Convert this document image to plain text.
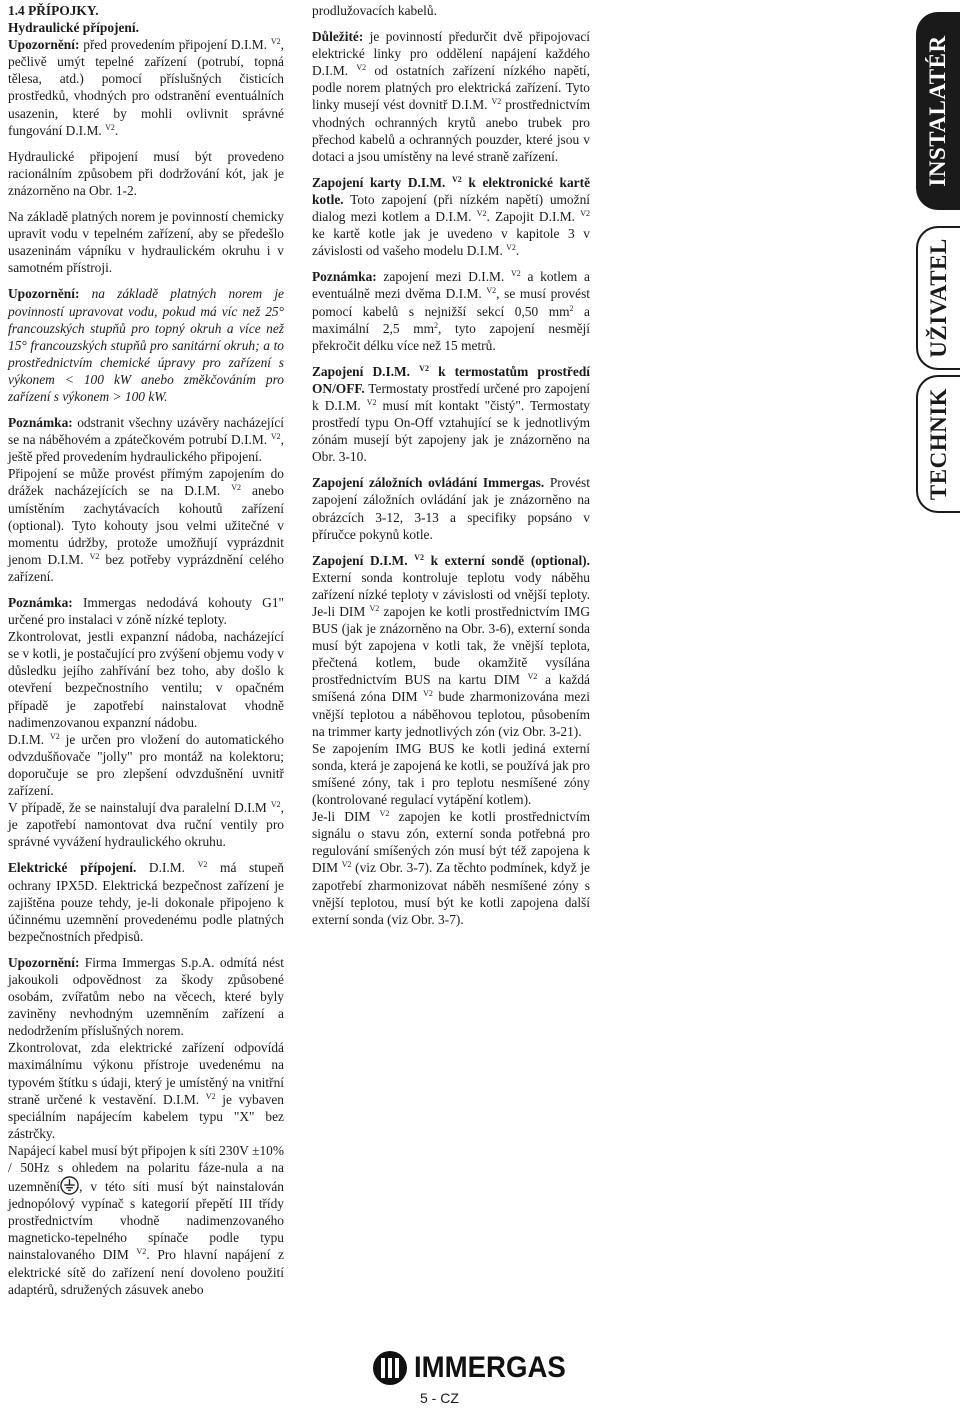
1.4 PŘÍPOJKY.

Hydraulické přípojení.

Upozornění: před provedením připojení D.I.M. $^{V2}$, pečlivě umýt tepelné zařízení (potrubí, topná tělesa, atd.) pomocí příslušných čisticích prostředků, vhodných pro odstranění eventuálních usazenin, které by mohli ovlivnit správné fungování D.I.M. $^{V2}$.

Hydraulické připojení musí být provedeno racionálním způsobem při dodržování kót, jak je znázorněno na Obr. 1-2.

Na základě platných norem je povinností chemicky upravit vodu v tepelném zařízení, aby se předešlo usazeninám vápníku v hydraulickém okruhu i v samotném přístroji.

Upozornění: na základě platných norem je povinností upravovat vodu, pokud má víc než 25° francouzských stupňů pro topný okruh a více než 15° francouzských stupňů pro sanitární okruh; a to prostřednictvím chemické úpravy pro zařízení s výkonem < 100 kW anebo změkčováním pro zařízení s výkonem > 100 kW.

Poznámka: odstranit všechny uzávěry nacházející se na náběhovém a zpátečkovém potrubí D.I.M. $^{V2}$, ještě před provedením hydraulického připojení.

Připojení se může provést přímým zapojením do drážek nacházejících se na D.I.M. $^{V2}$ anebo umístěním zachytávacích kohoutů zařízení (optional). Tyto kohouty jsou velmi užitečné v momentu údržby, protože umožňují vyprázdnit jenom D.I.M. $^{V2}$ bez potřeby vyprázdnění celého zařízení.

Poznámka: Immergas nedodává kohouty G1" určené pro instalaci v zóně nízké teploty.

Zkontrolovat, jestli expanzní nádoba, nacházející se v kotli, je postačující pro zvýšení objemu vody v důsledku jejího zahřívání bez toho, aby došlo k otevření bezpečnostního ventilu; v opačném případě je zapotřebí nainstalovat vhodně nadimenzovanou expanzní nádobu.

D.I.M. $^{V2}$ je určen pro vložení do automatického odvzdušňovače "jolly" pro montáž na kolektoru; doporučuje se pro zlepšení odvzdušnění uvnitř zařízení.

V případě, že se nainstalují dva paralelní D.I.M $^{V2}$, je zapotřebí namontovat dva ruční ventily pro správné vyvážení hydraulického okruhu.

Elektrické přípojení. D.I.M. $^{V2}$ má stupeň ochrany IPX5D. Elektrická bezpečnost zařízení je zajištěna pouze tehdy, je-li dokonale připojeno k účinnému uzemnění provedenému podle platných bezpečnostních předpisů.

Upozornění: Firma Immergas S.p.A. odmítá nést jakoukoli odpovědnost za škody způsobené osobám, zvířatům nebo na věcech, které byly zaviněny nevhodným uzemněním zařízení a nedodržením příslušných norem.

Zkontrolovat, zda elektrické zařízení odpovídá maximálnímu výkonu přístroje uvedenému na typovém štítku s údaji, který je umístěný na vnitřní straně určené k vestavění. D.I.M. $^{V2}$ je vybaven speciálním napájecím kabelem typu "X" bez zástrčky.

Napájecí kabel musí být připojen k síti 230V ±10% / 50Hz s ohledem na polaritu fáze-nula a na uzemnění , v této síti musí být nainstalován jednopólový vypínač s kategorií přepětí III třídy prostřednictvím vhodně nadimenzovaného magneticko-tepelného spínače podle typu nainstalovaného DIM $^{V2}$. Pro hlavní napájení z elektrické sítě do zařízení není dovoleno použití adaptérů, sdružených zásuvek anebo

prodlužovacích kabelů.

Důležité: je povinností předurčit dvě připojovací elektrické linky pro oddělení napájení každého D.I.M. $^{V2}$ od ostatních zařízení nízkého napětí, podle norem platných pro elektrická zařízení. Tyto linky musejí vést dovnitř D.I.M. $^{V2}$ prostřednictvím vhodných ochranných krytů anebo trubek pro přechod kabelů a ochranných pouzder, které jsou v dotaci a jsou umístěny na levé straně zařízení.

Zapojení karty D.I.M. $^{V2}$ k elektronické kartě kotle. Toto zapojení (při nízkém napětí) umožní dialog mezi kotlem a D.I.M. $^{V2}$. Zapojit D.I.M. $^{V2}$ ke kartě kotle jak je uvedeno v kapitole 3 v závislosti od vašeho modelu D.I.M. $^{V2}$.

Poznámka: zapojení mezi D.I.M. $^{V2}$ a kotlem a eventuálně mezi dvěma D.I.M. $^{V2}$, se musí provést pomocí kabelů s nejnižší sekcí 0,50 $mm^2$ a maximální 2,5 $mm^2$, tyto zapojení nesmějí překročit délku více než 15 metrů.

Zapojení D.I.M. $^{V2}$ k termostatům prostředí ON/OFF. Termostaty prostředí určené pro zapojení k D.I.M. $^{V2}$ musí mít kontakt "čistý". Termostaty prostředí typu On-Off vztahující se k jednotlivým zónám musejí být zapojeny jak je znázorněno na Obr. 3-10.

Zapojení záložních ovládání Immergas. Provést zapojení záložních ovládání jak je znázorněno na obrázcích 3-12, 3-13 a specifiky popsáno v příručce pokynů kotle.

Zapojení D.I.M. $^{V2}$ k externí sondě (optional). Externí sonda kontroluje teplotu vody náběhu zařízení nízké teploty v závislosti od vnější teploty. Je-li DIM $^{V2}$ zapojen ke kotli prostřednictvím IMG BUS (jak je znázorněno na Obr. 3-6), externí sonda musí být zapojena v kotli tak, že vnější teplota, přečtená kotlem, bude okamžitě vysílána prostřednictvím BUS na kartu DIM $^{V2}$ a každá smíšená zóna DIM $^{V2}$ bude zharmonizována mezi vnější teplotou a náběhovou teplotou, působením na trimmer karty jednotlivých zón (viz Obr. 3-21).

Se zapojením IMG BUS ke kotli jediná externí sonda, která je zapojená ke kotli, se používá jak pro smíšené zóny, tak i pro teplotu nesmíšené zóny (kontrolované regulací vytápění kotlem).

Je-li DIM $^{V2}$ zapojen ke kotli prostřednictvím signálu o stavu zón, externí sonda potřebná pro regulování smíšených zón musí být též zapojena k DIM $^{V2}$ (viz Obr. 3-7). Za těchto podmínek, když je zapotřebí zharmonizovat náběh nesmíšené zóny s vnější teplotou, musí být ke kotli zapojena další externí sonda (viz Obr. 3-7).

INSTALATÉR
UŽIVATEL
TECHNIK
IMMERGAS
5 - CZ
